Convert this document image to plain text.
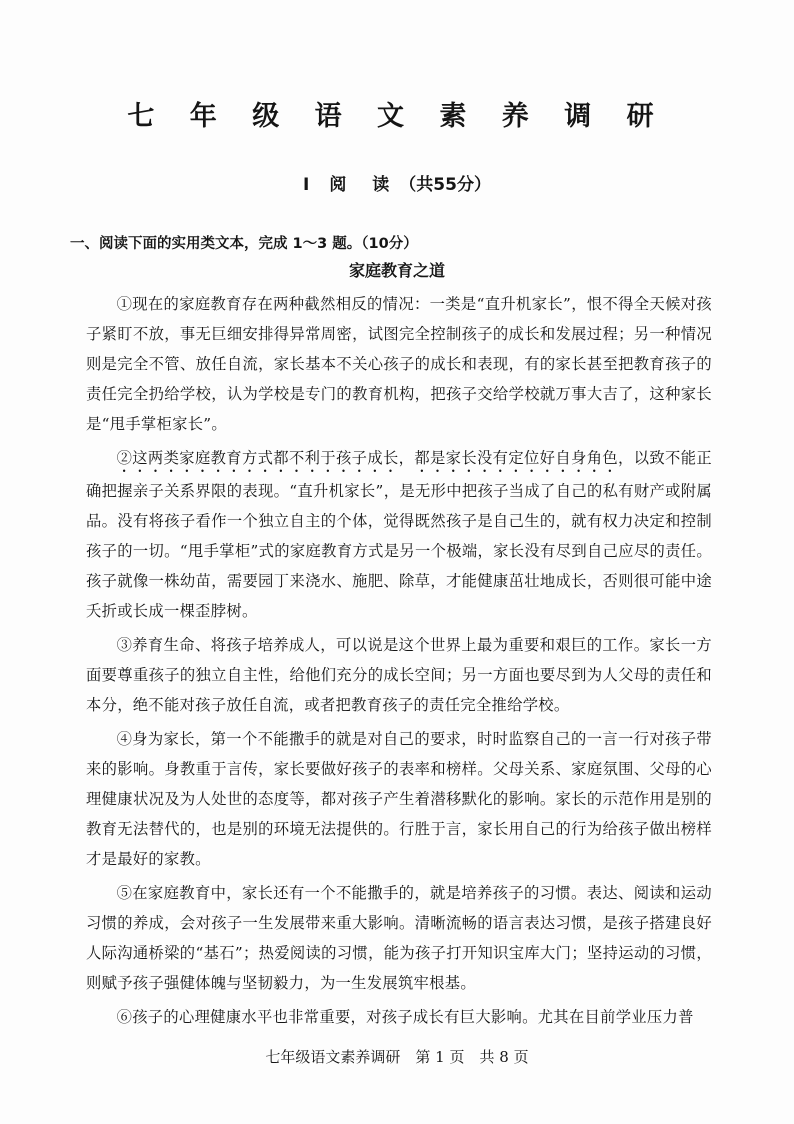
七 年 级 语 文 素 养 调 研
I 阅 读（共55分）

一、阅读下面的实用类文本，完成 1～3 题。（10分）

家庭教育之道

①现在的家庭教育存在两种截然相反的情况：一类是“直升机家长”，恨不得全天候对孩子紧盯不放，事无巨细安排得异常周密，试图完全控制孩子的成长和发展过程；另一种情况则是完全不管、放任自流，家长基本不关心孩子的成长和表现，有的家长甚至把教育孩子的责任完全扔给学校，认为学校是专门的教育机构，把孩子交给学校就万事大吉了，这种家长是“甩手掌柜家长”。

②这两类家庭教育方式都不利于孩子成长，都是家长没有定位好自身角色，以致不能正确把握亲子关系界限的表现。“直升机家长”，是无形中把孩子当成了自己的私有财产或附属品。没有将孩子看作一个独立自主的个体，觉得既然孩子是自己生的，就有权力决定和控制孩子的一切。“甩手掌柜”式的家庭教育方式是另一个极端，家长没有尽到自己应尽的责任。孩子就像一株幼苗，需要园丁来浇水、施肥、除草，才能健康茁壮地成长，否则很可能中途夭折或长成一棵歪脖树。

③养育生命、将孩子培养成人，可以说是这个世界上最为重要和艰巨的工作。家长一方面要尊重孩子的独立自主性，给他们充分的成长空间；另一方面也要尽到为人父母的责任和本分，绝不能对孩子放任自流，或者把教育孩子的责任完全推给学校。

④身为家长，第一个不能撒手的就是对自己的要求，时时监察自己的一言一行对孩子带来的影响。身教重于言传，家长要做好孩子的表率和榜样。父母关系、家庭氛围、父母的心理健康状况及为人处世的态度等，都对孩子产生着潜移默化的影响。家长的示范作用是别的教育无法替代的，也是别的环境无法提供的。行胜于言，家长用自己的行为给孩子做出榜样才是最好的家教。

⑤在家庭教育中，家长还有一个不能撒手的，就是培养孩子的习惯。表达、阅读和运动习惯的养成，会对孩子一生发展带来重大影响。清晰流畅的语言表达习惯，是孩子搭建良好人际沟通桥梁的“基石”；热爱阅读的习惯，能为孩子打开知识宝库大门；坚持运动的习惯，则赋予孩子强健体魄与坚韧毅力，为一生发展筑牢根基。

⑥孩子的心理健康水平也非常重要，对孩子成长有巨大影响。尤其在目前学业压力普

七年级语文素养调研　第 1 页　共 8 页
